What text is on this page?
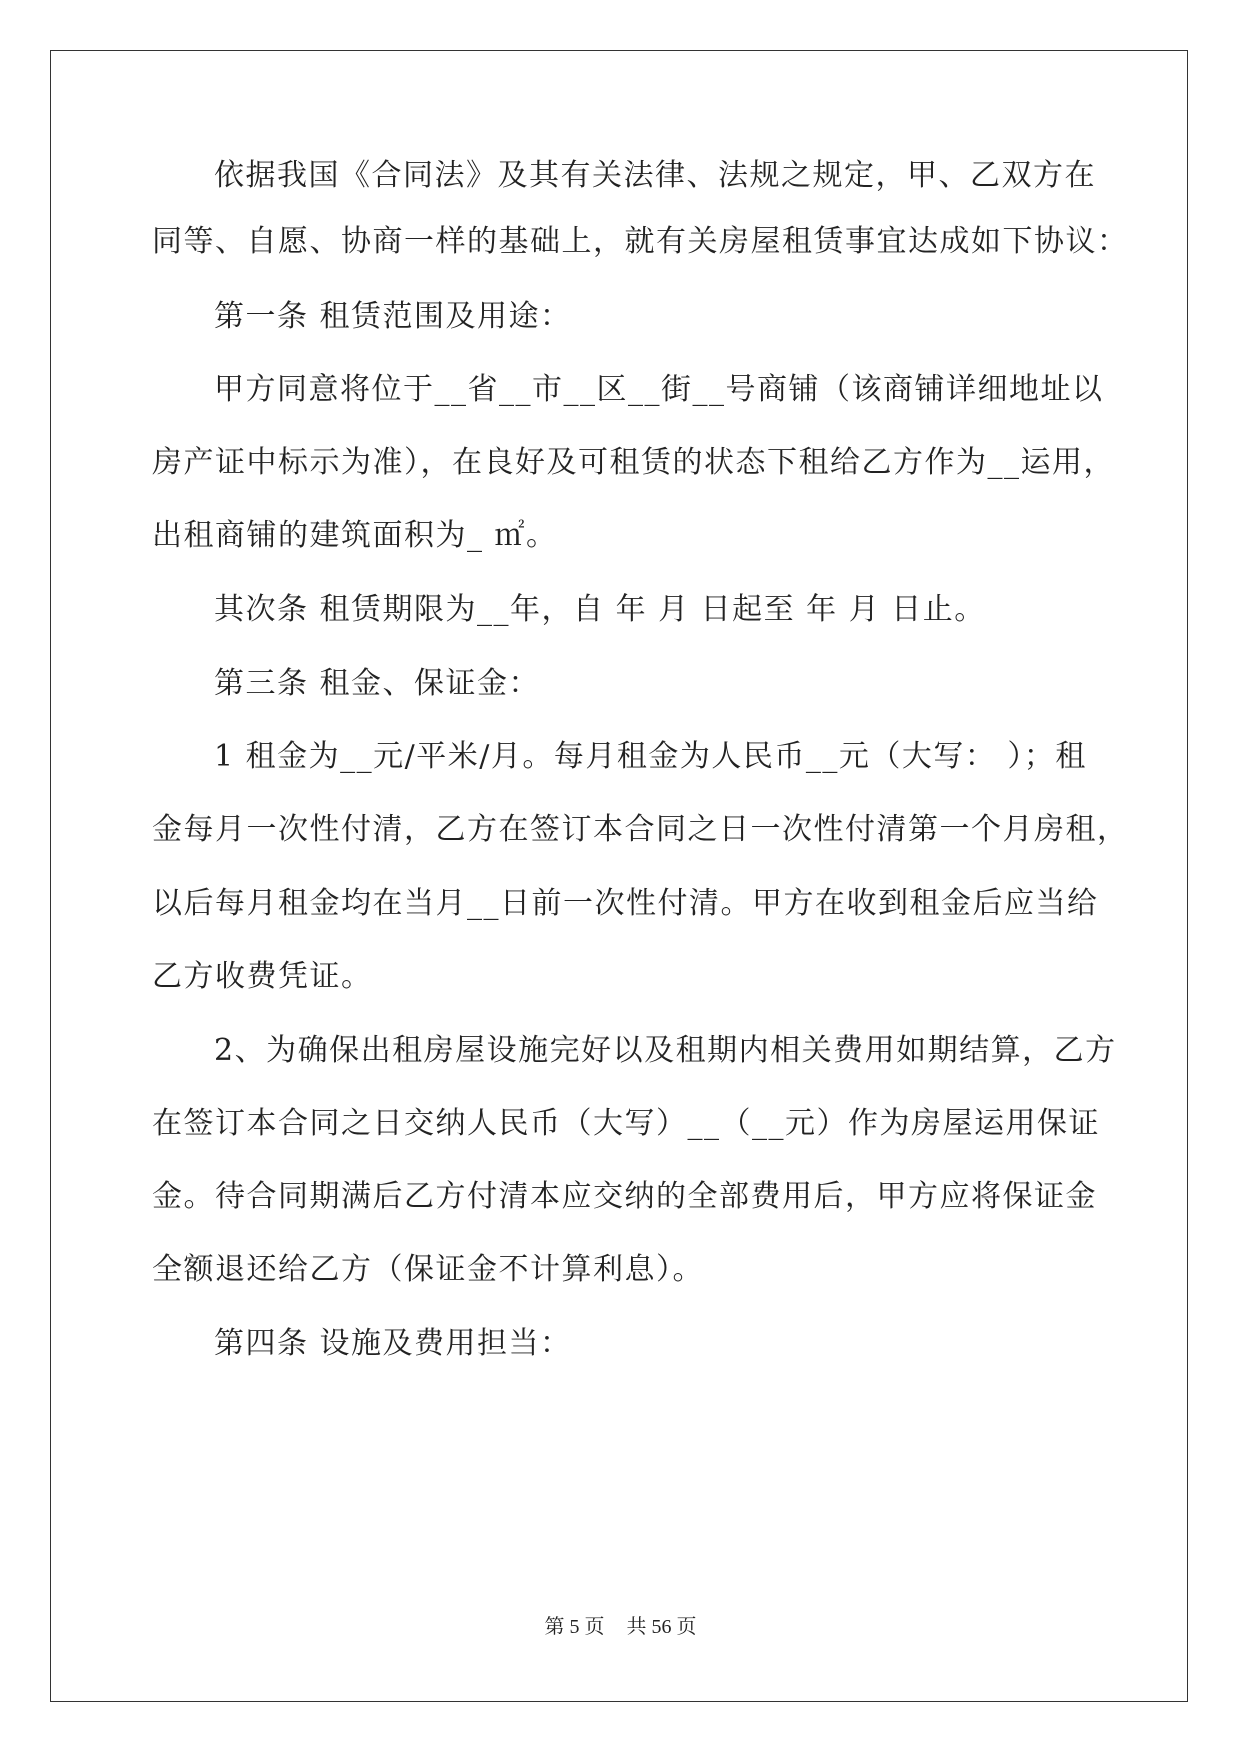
依据我国《合同法》及其有关法律、法规之规定，甲、乙双方在
同等、自愿、协商一样的基础上，就有关房屋租赁事宜达成如下协议：
第一条 租赁范围及用途：
甲方同意将位于__省__市__区__街__号商铺（该商铺详细地址以
房产证中标示为准），在良好及可租赁的状态下租给乙方作为__运用，
出租商铺的建筑面积为_ ㎡。
其次条 租赁期限为__年，自 年 月 日起至 年 月 日止。
第三条 租金、保证金：
1 租金为__元/平米/月。每月租金为人民币__元（大写： ）；租
金每月一次性付清，乙方在签订本合同之日一次性付清第一个月房租，
以后每月租金均在当月__日前一次性付清。甲方在收到租金后应当给
乙方收费凭证。
2、为确保出租房屋设施完好以及租期内相关费用如期结算，乙方
在签订本合同之日交纳人民币（大写）__（__元）作为房屋运用保证
金。待合同期满后乙方付清本应交纳的全部费用后，甲方应将保证金
全额退还给乙方（保证金不计算利息）。
第四条 设施及费用担当：
第 5 页 共 56 页
